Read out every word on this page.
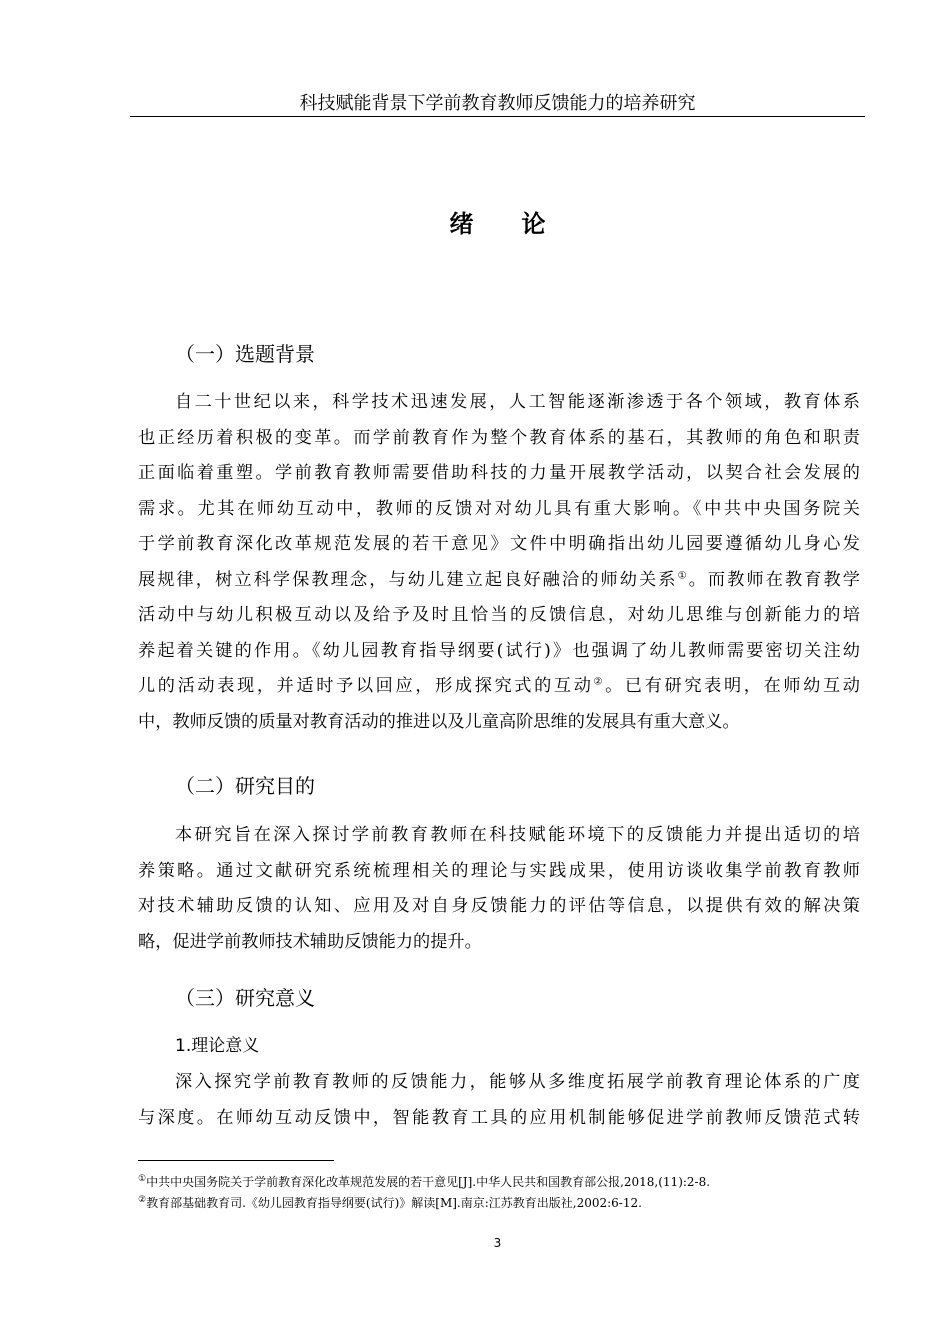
科技赋能背景下学前教育教师反馈能力的培养研究
绪论
（一）选题背景
自二十世纪以来，科学技术迅速发展，人工智能逐渐渗透于各个领域，教育体系
也正经历着积极的变革。而学前教育作为整个教育体系的基石，其教师的角色和职责
正面临着重塑。学前教育教师需要借助科技的力量开展教学活动，以契合社会发展的
需求。尤其在师幼互动中，教师的反馈对对幼儿具有重大影响。《中共中央国务院关
于学前教育深化改革规范发展的若干意见》文件中明确指出幼儿园要遵循幼儿身心发
展规律，树立科学保教理念，与幼儿建立起良好融洽的师幼关系①。而教师在教育教学
活动中与幼儿积极互动以及给予及时且恰当的反馈信息，对幼儿思维与创新能力的培
养起着关键的作用。《幼儿园教育指导纲要(试行)》也强调了幼儿教师需要密切关注幼
儿的活动表现，并适时予以回应，形成探究式的互动②。已有研究表明，在师幼互动
中，教师反馈的质量对教育活动的推进以及儿童高阶思维的发展具有重大意义。
（二）研究目的
本研究旨在深入探讨学前教育教师在科技赋能环境下的反馈能力并提出适切的培
养策略。通过文献研究系统梳理相关的理论与实践成果，使用访谈收集学前教育教师
对技术辅助反馈的认知、应用及对自身反馈能力的评估等信息，以提供有效的解决策
略，促进学前教师技术辅助反馈能力的提升。
（三）研究意义
1.理论意义
深入探究学前教育教师的反馈能力，能够从多维度拓展学前教育理论体系的广度
与深度。在师幼互动反馈中，智能教育工具的应用机制能够促进学前教师反馈范式转
①中共中央国务院关于学前教育深化改革规范发展的若干意见[J].中华人民共和国教育部公报,2018,(11):2-8.
②教育部基础教育司.《幼儿园教育指导纲要(试行)》解读[M].南京:江苏教育出版社,2002:6-12.
3
